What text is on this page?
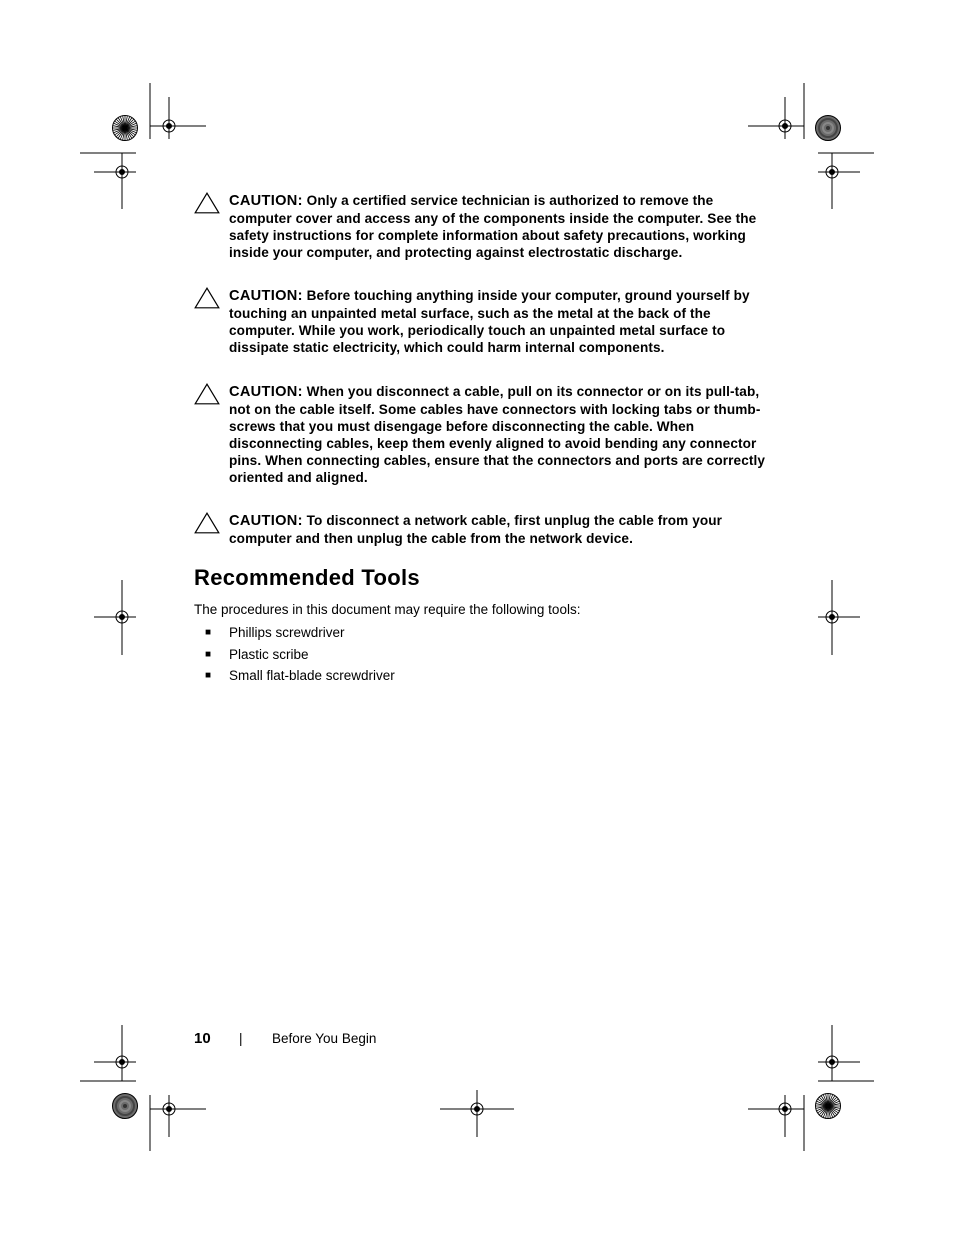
CAUTION: Only a certified service technician is authorized to remove the computer cover and access any of the components inside the computer. See the safety instructions for complete information about safety precautions, working inside your computer, and protecting against electrostatic discharge.
CAUTION: Before touching anything inside your computer, ground yourself by touching an unpainted metal surface, such as the metal at the back of the computer. While you work, periodically touch an unpainted metal surface to dissipate static electricity, which could harm internal components.
CAUTION: When you disconnect a cable, pull on its connector or on its pull-tab, not on the cable itself. Some cables have connectors with locking tabs or thumb-screws that you must disengage before disconnecting the cable. When disconnecting cables, keep them evenly aligned to avoid bending any connector pins. When connecting cables, ensure that the connectors and ports are correctly oriented and aligned.
CAUTION: To disconnect a network cable, first unplug the cable from your computer and then unplug the cable from the network device.
Recommended Tools

The procedures in this document may require the following tools:

■ Phillips screwdriver
■ Plastic scribe
■ Small flat-blade screwdriver
10 | Before You Begin
